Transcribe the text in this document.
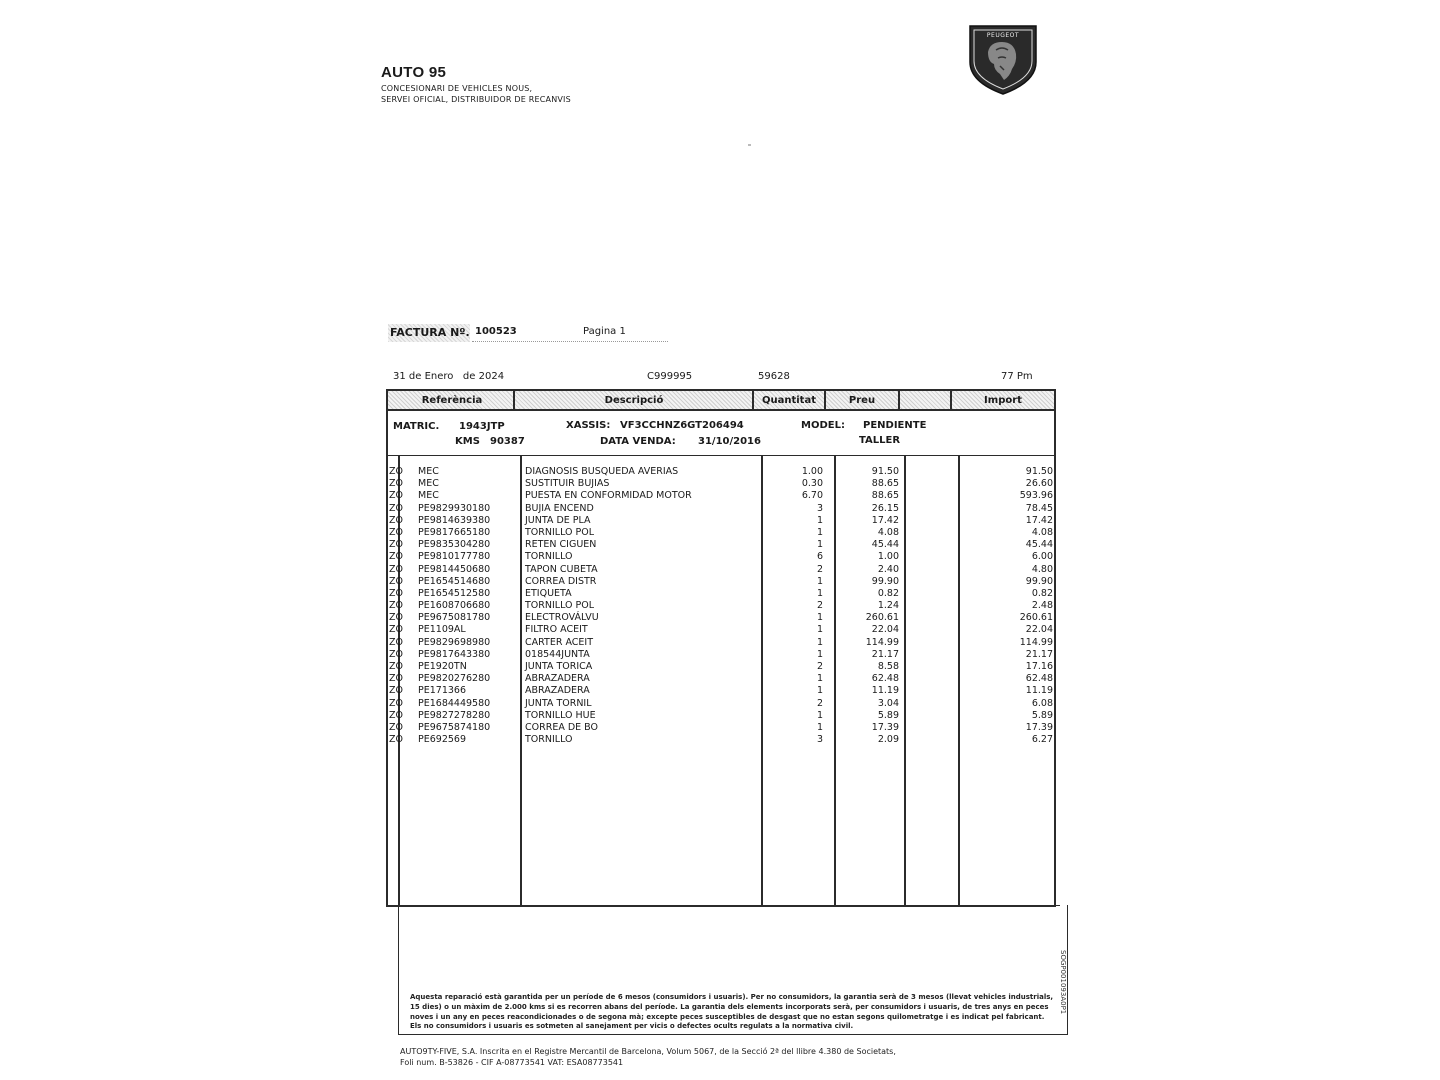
AUTO 95
CONCESIONARI DE VEHICLES NOUS,
SERVEI OFICIAL, DISTRIBUIDOR DE RECANVIS
PEUGEOT
FACTURA Nº. 100523	Pagina 1
31 de Enero   de 2024	C999995	59628	77 Pm
Referència	Descripció	Quantitat	Preu	Import
MATRIC. 1943JTP
KMS 90387
XASSIS: VF3CCHNZ6GT206494
DATA VENDA: 31/10/2016
MODEL: PENDIENTE
TALLER
ZO MEC	DIAGNOSIS BUSQUEDA AVERIAS	1.00	91.50	91.50
ZO MEC	SUSTITUIR BUJIAS	0.30	88.65	26.60
ZO MEC	PUESTA EN CONFORMIDAD MOTOR	6.70	88.65	593.96
ZO PE9829930180	BUJIA ENCEND	3	26.15	78.45
ZO PE9814639380	JUNTA DE PLA	1	17.42	17.42
ZO PE9817665180	TORNILLO POL	1	4.08	4.08
ZO PE9835304280	RETEN CIGUEN	1	45.44	45.44
ZO PE9810177780	TORNILLO	6	1.00	6.00
ZO PE9814450680	TAPON CUBETA	2	2.40	4.80
ZO PE1654514680	CORREA DISTR	1	99.90	99.90
ZO PE1654512580	ETIQUETA	1	0.82	0.82
ZO PE1608706680	TORNILLO POL	2	1.24	2.48
ZO PE9675081780	ELECTROVÁLVU	1	260.61	260.61
ZO PE1109AL	FILTRO ACEIT	1	22.04	22.04
ZO PE9829698980	CARTER ACEIT	1	114.99	114.99
ZO PE9817643380	018544JUNTA	1	21.17	21.17
ZO PE1920TN	JUNTA TORICA	2	8.58	17.16
ZO PE9820276280	ABRAZADERA	1	62.48	62.48
ZO PE171366	ABRAZADERA	1	11.19	11.19
ZO PE1684449580	JUNTA TORNIL	2	3.04	6.08
ZO PE9827278280	TORNILLO HUE	1	5.89	5.89
ZO PE9675874180	CORREA DE BO	1	17.39	17.39
ZO PE692569	TORNILLO	3	2.09	6.27
SOGP001093A0P1
Aquesta reparació està garantida per un període de 6 mesos (consumidors i usuaris). Per no consumidors, la garantia serà de 3 mesos (llevat vehicles industrials, 15 dies) o un màxim de 2.000 kms si es recorren abans del període. La garantia dels elements incorporats serà, per consumidors i usuaris, de tres anys en peces noves i un any en peces reacondicionades o de segona mà; excepte peces susceptibles de desgast que no estan segons quilometratge i es indicat pel fabricant. Els no consumidors i usuaris es sotmeten al sanejament per vicis o defectes ocults regulats a la normativa civil.
AUTO9TY-FIVE, S.A. Inscrita en el Registre Mercantil de Barcelona, Volum 5067, de la Secció 2ª del llibre 4.380 de Societats,
Foli num. B-53826 - CIF A-08773541 VAT: ESA08773541
